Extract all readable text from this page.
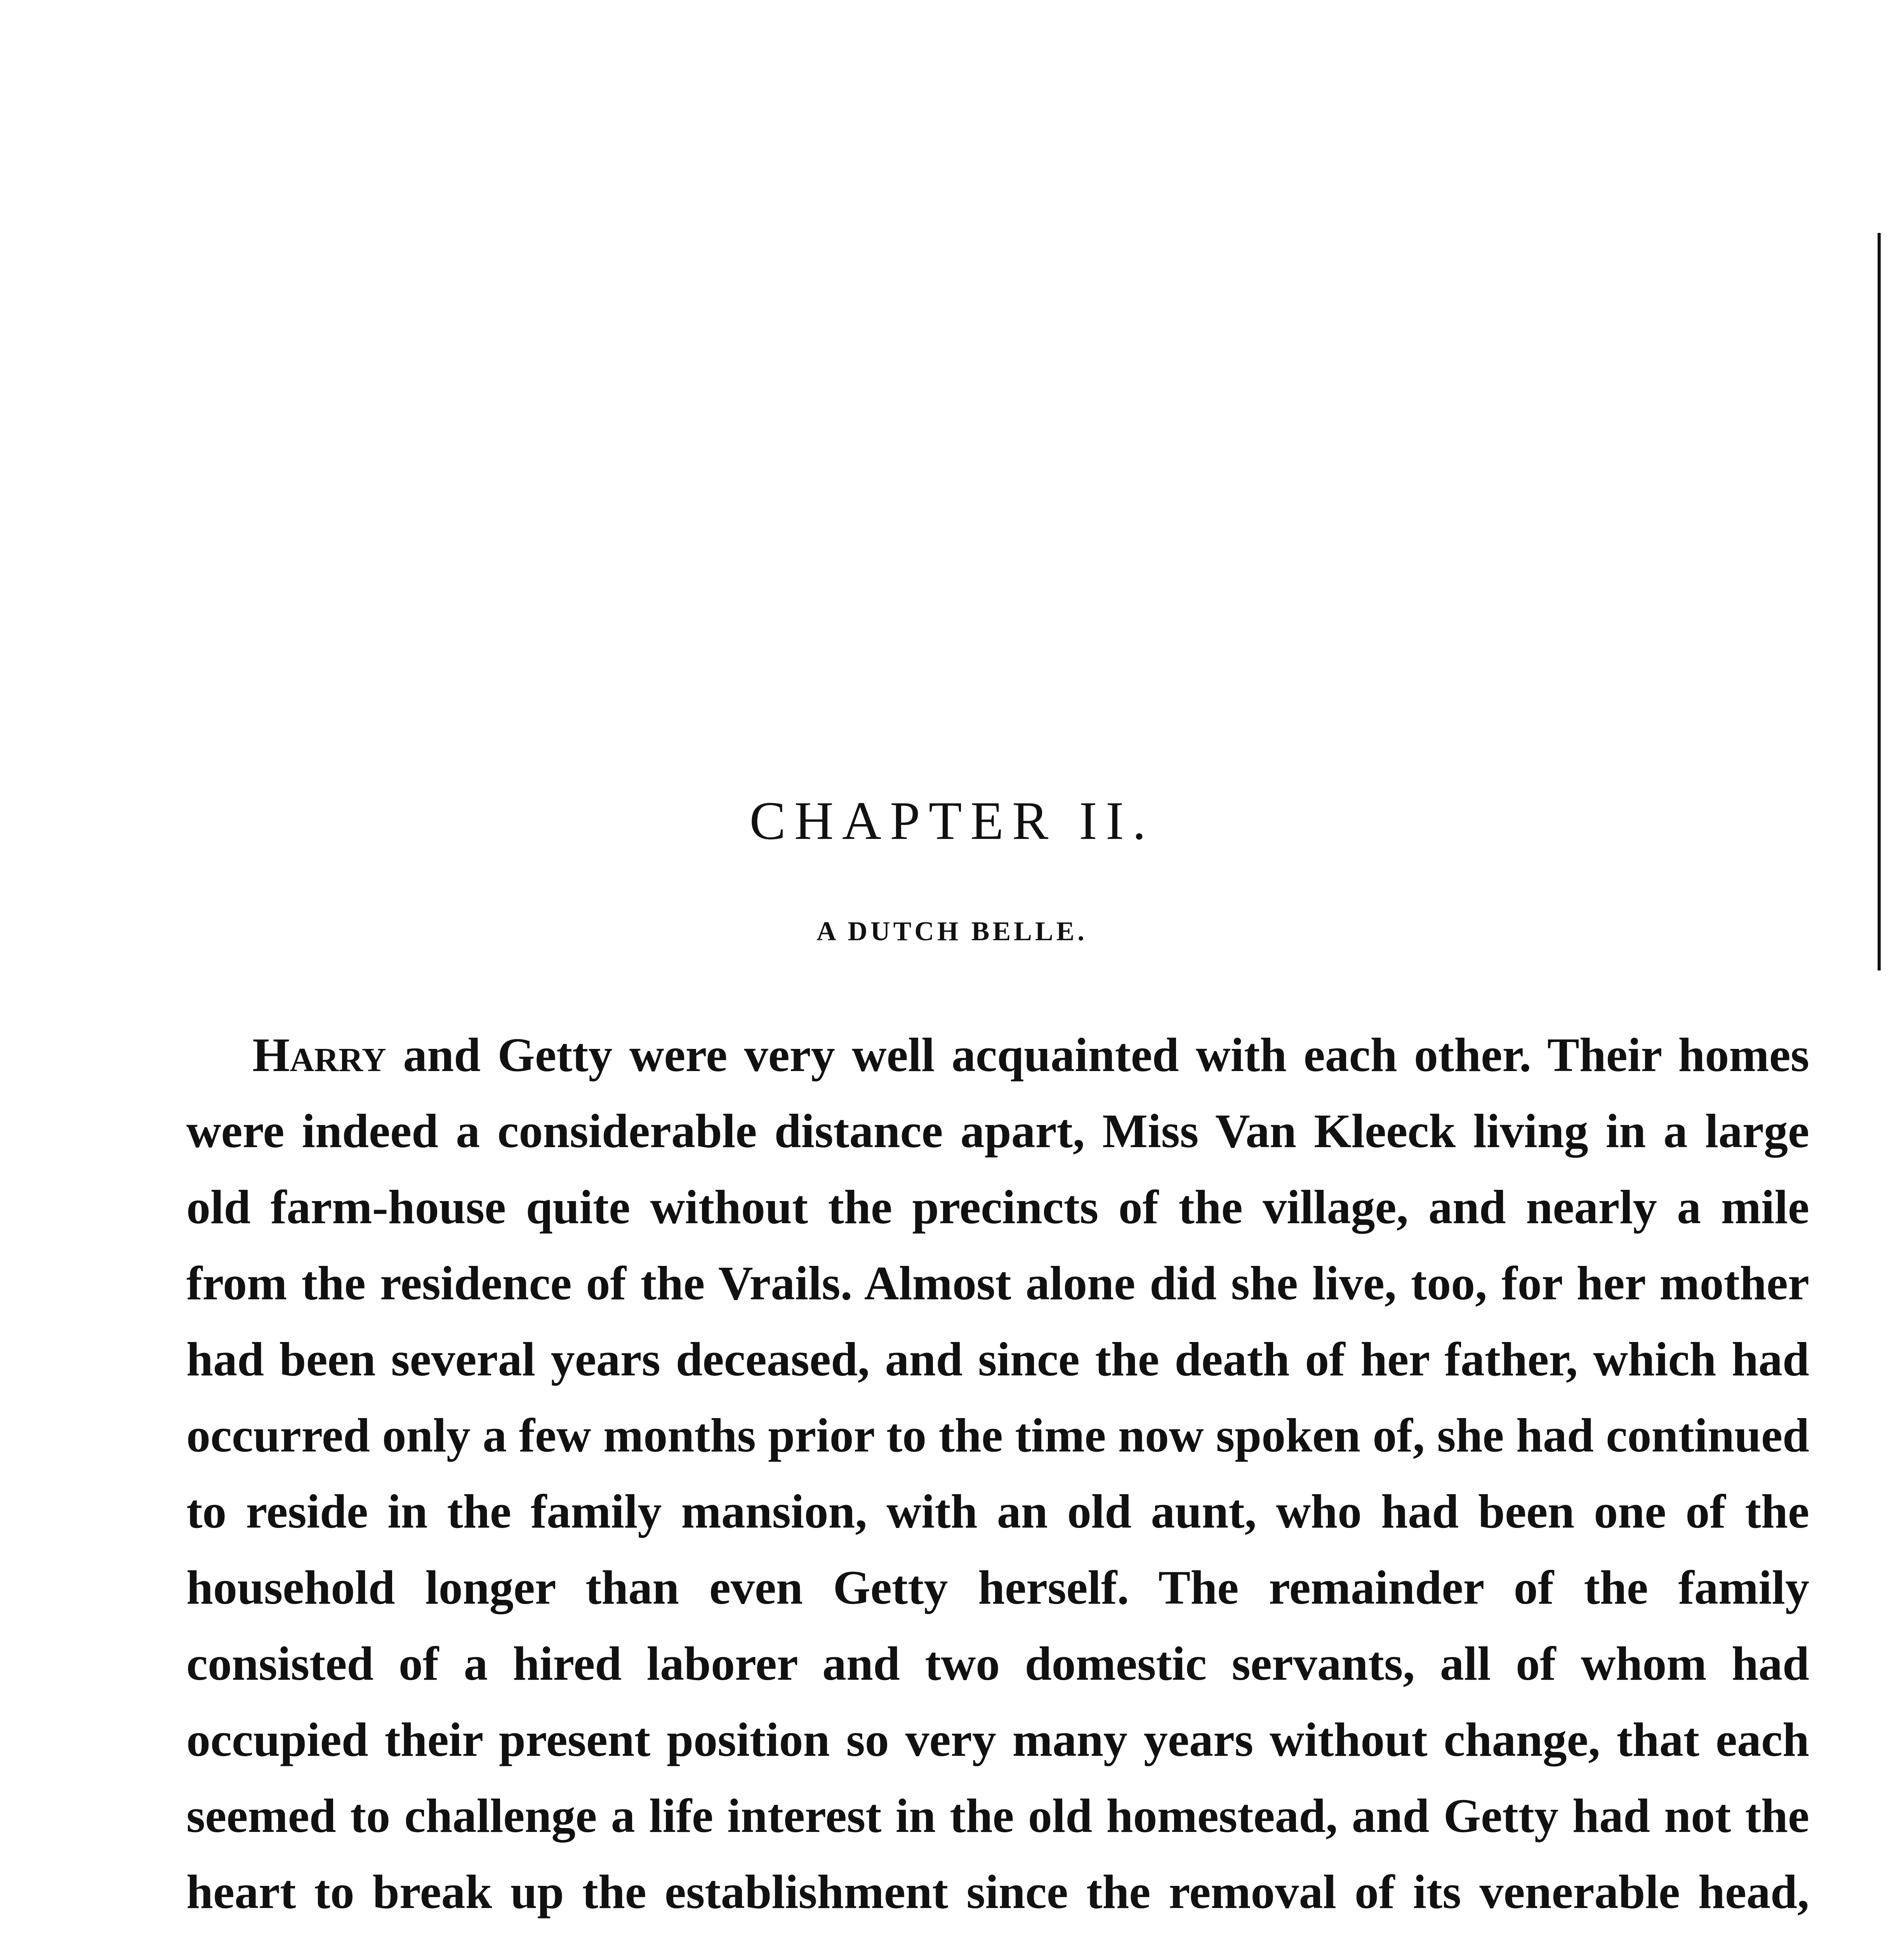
CHAPTER II.
A DUTCH BELLE.

Harry and Getty were very well acquainted with each other. Their homes were indeed a considerable distance apart, Miss Van Kleeck living in a large old farm-house quite without the precincts of the village, and nearly a mile from the residence of the Vrails. Almost alone did she live, too, for her mother had been several years deceased, and since the death of her father, which had occurred only a few months prior to the time now spoken of, she had continued to reside in the family mansion, with an old aunt, who had been one of the household longer than even Getty herself. The remainder of the family consisted of a hired laborer and two domestic servants, all of whom had occupied their present position so very many years without change, that each seemed to challenge a life interest in the old homestead, and Getty had not the heart to break up the establishment since the removal of its venerable head,
